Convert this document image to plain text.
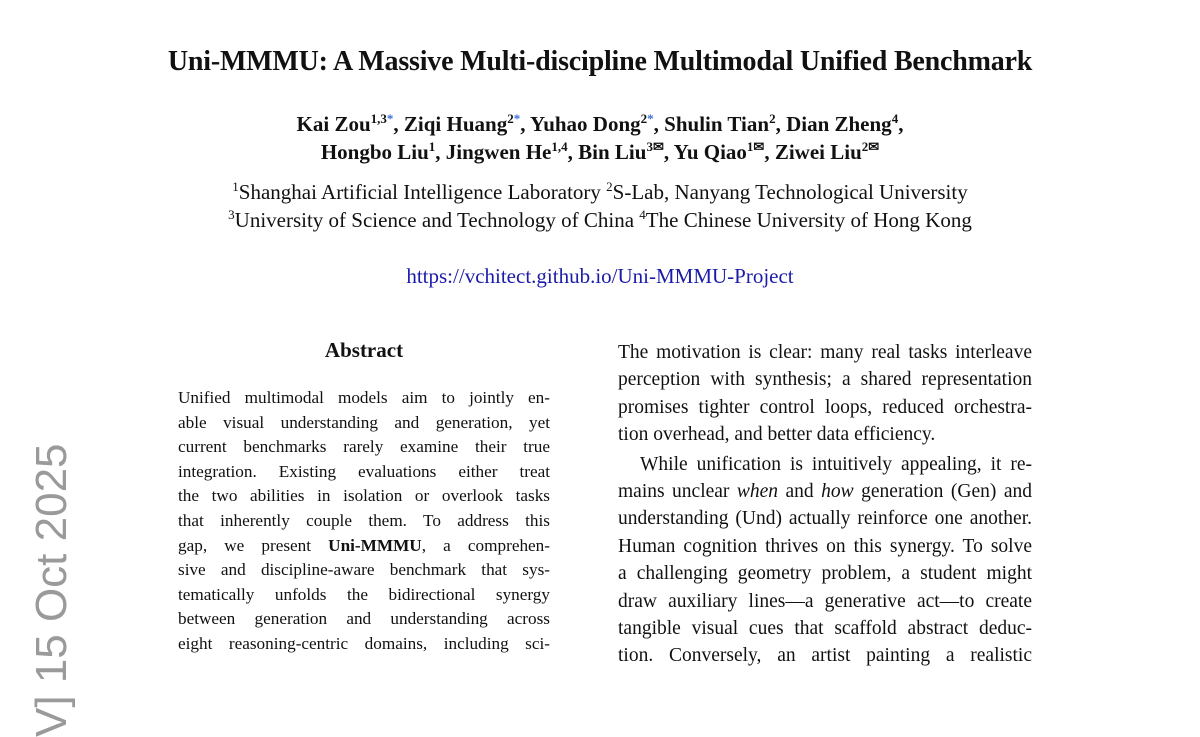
V] 15 Oct 2025
Uni-MMMU: A Massive Multi-discipline Multimodal Unified Benchmark
Kai Zou$^{1,3*}$, Ziqi Huang$^{2*}$, Yuhao Dong$^{2*}$, Shulin Tian$^2$, Dian Zheng$^4$,
Hongbo Liu$^1$, Jingwen He$^{1,4}$, Bin Liu$^{3✉}$, Yu Qiao$^{1✉}$, Ziwei Liu$^{2✉}$
$^1$Shanghai Artificial Intelligence Laboratory $^2$S-Lab, Nanyang Technological University
$^3$University of Science and Technology of China $^4$The Chinese University of Hong Kong
https://vchitect.github.io/Uni-MMMU-Project
Abstract
Unified multimodal models aim to jointly en-
able visual understanding and generation, yet
current benchmarks rarely examine their true
integration. Existing evaluations either treat
the two abilities in isolation or overlook tasks
that inherently couple them. To address this
gap, we present Uni-MMMU, a comprehen-
sive and discipline-aware benchmark that sys-
tematically unfolds the bidirectional synergy
between generation and understanding across
eight reasoning-centric domains, including sci-
The motivation is clear: many real tasks interleave
perception with synthesis; a shared representation
promises tighter control loops, reduced orchestra-
tion overhead, and better data efficiency.
While unification is intuitively appealing, it re-
mains unclear when and how generation (Gen) and
understanding (Und) actually reinforce one another.
Human cognition thrives on this synergy. To solve
a challenging geometry problem, a student might
draw auxiliary lines—a generative act—to create
tangible visual cues that scaffold abstract deduc-
tion. Conversely, an artist painting a realistic
